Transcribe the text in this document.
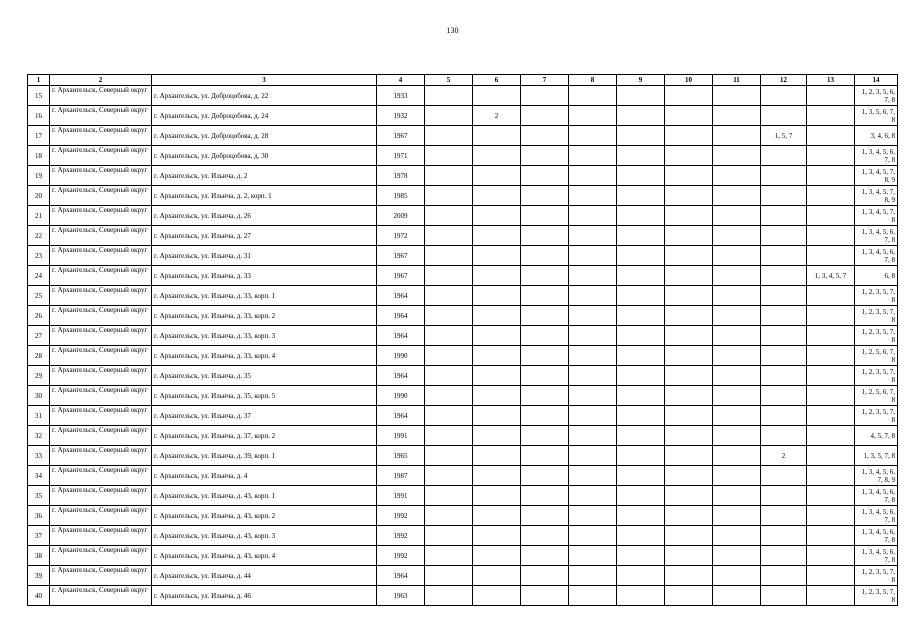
130
1	2	3	4	5	6	7	8	9	10	11	12	13	14
15	г. Архангельск, Северный округ	г. Архангельск, ул. Доброцобова, д. 22	1933										1, 2, 3, 5, 6, 7, 8
16	г. Архангельск, Северный округ	г. Архангельск, ул. Доброцобова, д. 24	1932		2								1, 3, 5, 6, 7, 8
17	г. Архангельск, Северный округ	г. Архангельск, ул. Доброцобова, д. 28	1967								1, 5, 7		3, 4, 6, 8
18	г. Архангельск, Северный округ	г. Архангельск, ул. Доброцобова, д. 30	1971										1, 3, 4, 5, 6, 7, 8
19	г. Архангельск, Северный округ	г. Архангельск, ул. Ильича, д. 2	1978										1, 3, 4, 5, 7, 8, 9
20	г. Архангельск, Северный округ	г. Архангельск, ул. Ильича, д. 2, корп. 1	1985										1, 3, 4, 5, 7, 8, 9
21	г. Архангельск, Северный округ	г. Архангельск, ул. Ильича, д. 26	2009										1, 3, 4, 5, 7, 8
22	г. Архангельск, Северный округ	г. Архангельск, ул. Ильича, д. 27	1972										1, 3, 4, 5, 6, 7, 8
23	г. Архангельск, Северный округ	г. Архангельск, ул. Ильича, д. 31	1967										1, 3, 4, 5, 6, 7, 8
24	г. Архангельск, Северный округ	г. Архангельск, ул. Ильича, д. 33	1967									1, 3, 4, 5, 7	6, 8
25	г. Архангельск, Северный округ	г. Архангельск, ул. Ильича, д. 33, корп. 1	1964										1, 2, 3, 5, 7, 8
26	г. Архангельск, Северный округ	г. Архангельск, ул. Ильича, д. 33, корп. 2	1964										1, 2, 3, 5, 7, 8
27	г. Архангельск, Северный округ	г. Архангельск, ул. Ильича, д. 33, корп. 3	1964										1, 2, 3, 5, 7, 8
28	г. Архангельск, Северный округ	г. Архангельск, ул. Ильича, д. 33, корп. 4	1990										1, 2, 5, 6, 7, 8
29	г. Архангельск, Северный округ	г. Архангельск, ул. Ильича, д. 35	1964										1, 2, 3, 5, 7, 8
30	г. Архангельск, Северный округ	г. Архангельск, ул. Ильича, д. 35, корп. 5	1990										1, 2, 5, 6, 7, 8
31	г. Архангельск, Северный округ	г. Архангельск, ул. Ильича, д. 37	1964										1, 2, 3, 5, 7, 8
32	г. Архангельск, Северный округ	г. Архангельск, ул. Ильича, д. 37, корп. 2	1991										4, 5, 7, 8
33	г. Архангельск, Северный округ	г. Архангельск, ул. Ильича, д. 39, корп. 1	1965								2		1, 3, 5, 7, 8
34	г. Архангельск, Северный округ	г. Архангельск, ул. Ильича, д. 4	1987										1, 3, 4, 5, 6, 7, 8, 9
35	г. Архангельск, Северный округ	г. Архангельск, ул. Ильича, д. 43, корп. 1	1991										1, 3, 4, 5, 6, 7, 8
36	г. Архангельск, Северный округ	г. Архангельск, ул. Ильича, д. 43, корп. 2	1992										1, 3, 4, 5, 6, 7, 8
37	г. Архангельск, Северный округ	г. Архангельск, ул. Ильича, д. 43, корп. 3	1992										1, 3, 4, 5, 6, 7, 8
38	г. Архангельск, Северный округ	г. Архангельск, ул. Ильича, д. 43, корп. 4	1992										1, 3, 4, 5, 6, 7, 8
39	г. Архангельск, Северный округ	г. Архангельск, ул. Ильича, д. 44	1964										1, 2, 3, 5, 7, 8
40	г. Архангельск, Северный округ	г. Архангельск, ул. Ильича, д. 46	1963										1, 2, 3, 5, 7, 8
